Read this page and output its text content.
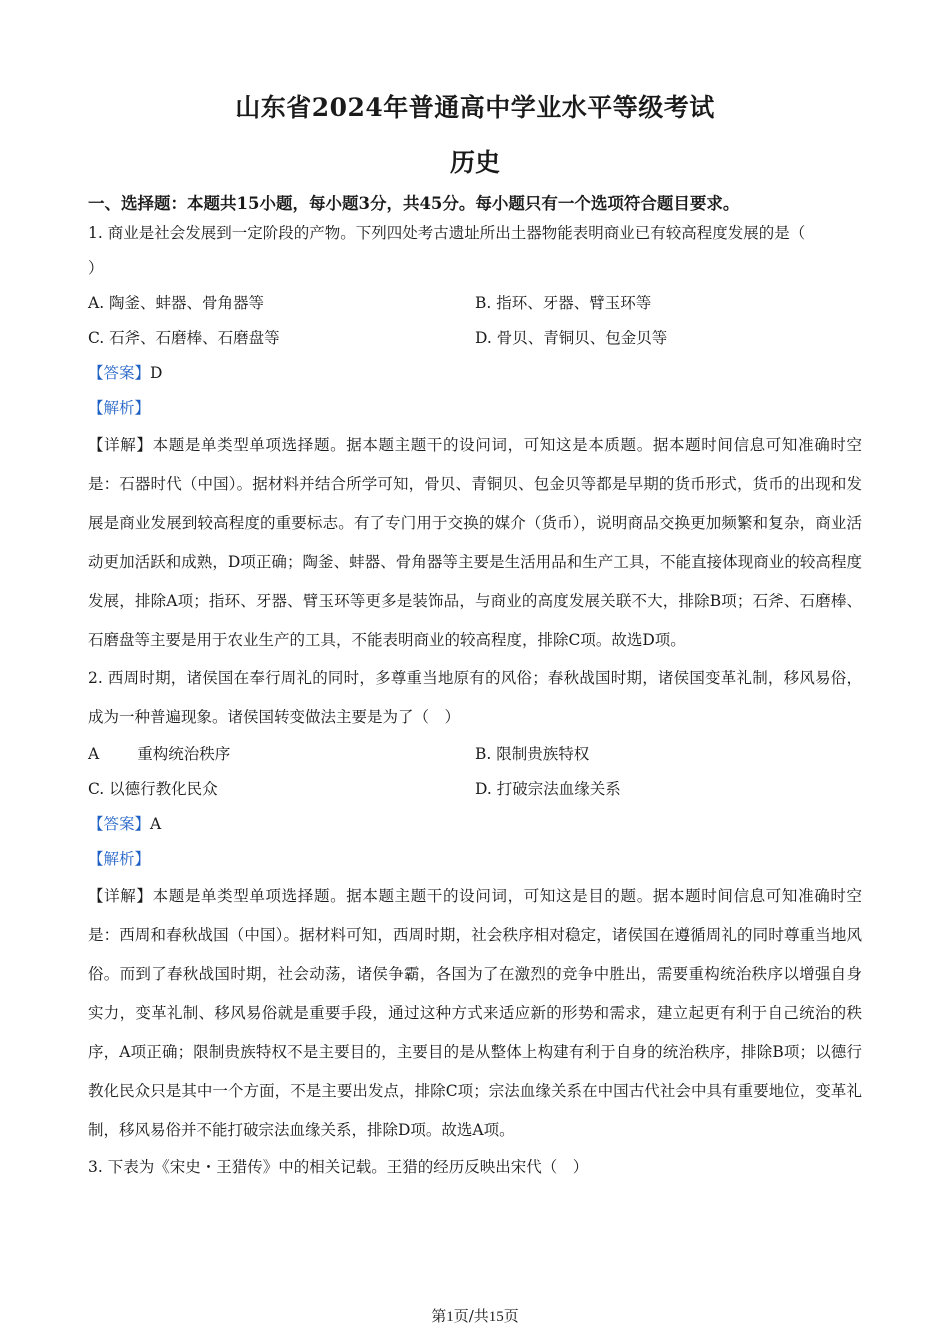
山东省2024年普通高中学业水平等级考试
历史
一、选择题：本题共15小题，每小题3分，共45分。每小题只有一个选项符合题目要求。
1. 商业是社会发展到一定阶段的产物。下列四处考古遗址所出土器物能表明商业已有较高程度发展的是（
）
A. 陶釜、蚌器、骨角器等	B. 指环、牙器、臂玉环等
C. 石斧、石磨棒、石磨盘等	D. 骨贝、青铜贝、包金贝等
【答案】D
【解析】
【详解】本题是单类型单项选择题。据本题主题干的设问词，可知这是本质题。据本题时间信息可知准确时空是：石器时代（中国）。据材料并结合所学可知，骨贝、青铜贝、包金贝等都是早期的货币形式，货币的出现和发展是商业发展到较高程度的重要标志。有了专门用于交换的媒介（货币），说明商品交换更加频繁和复杂，商业活动更加活跃和成熟，D项正确；陶釜、蚌器、骨角器等主要是生活用品和生产工具，不能直接体现商业的较高程度发展，排除A项；指环、牙器、臂玉环等更多是装饰品，与商业的高度发展关联不大，排除B项；石斧、石磨棒、石磨盘等主要是用于农业生产的工具，不能表明商业的较高程度，排除C项。故选D项。
2. 西周时期，诸侯国在奉行周礼的同时，多尊重当地原有的风俗；春秋战国时期，诸侯国变革礼制，移风易俗，成为一种普遍现象。诸侯国转变做法主要是为了（　）
A 重构统治秩序	B. 限制贵族特权
C. 以德行教化民众	D. 打破宗法血缘关系
【答案】A
【解析】
【详解】本题是单类型单项选择题。据本题主题干的设问词，可知这是目的题。据本题时间信息可知准确时空是：西周和春秋战国（中国）。据材料可知，西周时期，社会秩序相对稳定，诸侯国在遵循周礼的同时尊重当地风俗。而到了春秋战国时期，社会动荡，诸侯争霸，各国为了在激烈的竞争中胜出，需要重构统治秩序以增强自身实力，变革礼制、移风易俗就是重要手段，通过这种方式来适应新的形势和需求，建立起更有利于自己统治的秩序，A项正确；限制贵族特权不是主要目的，主要目的是从整体上构建有利于自身的统治秩序，排除B项；以德行教化民众只是其中一个方面，不是主要出发点，排除C项；宗法血缘关系在中国古代社会中具有重要地位，变革礼制，移风易俗并不能打破宗法血缘关系，排除D项。故选A项。
3. 下表为《宋史・王猎传》中的相关记载。王猎的经历反映出宋代（　）
第1页/共15页
